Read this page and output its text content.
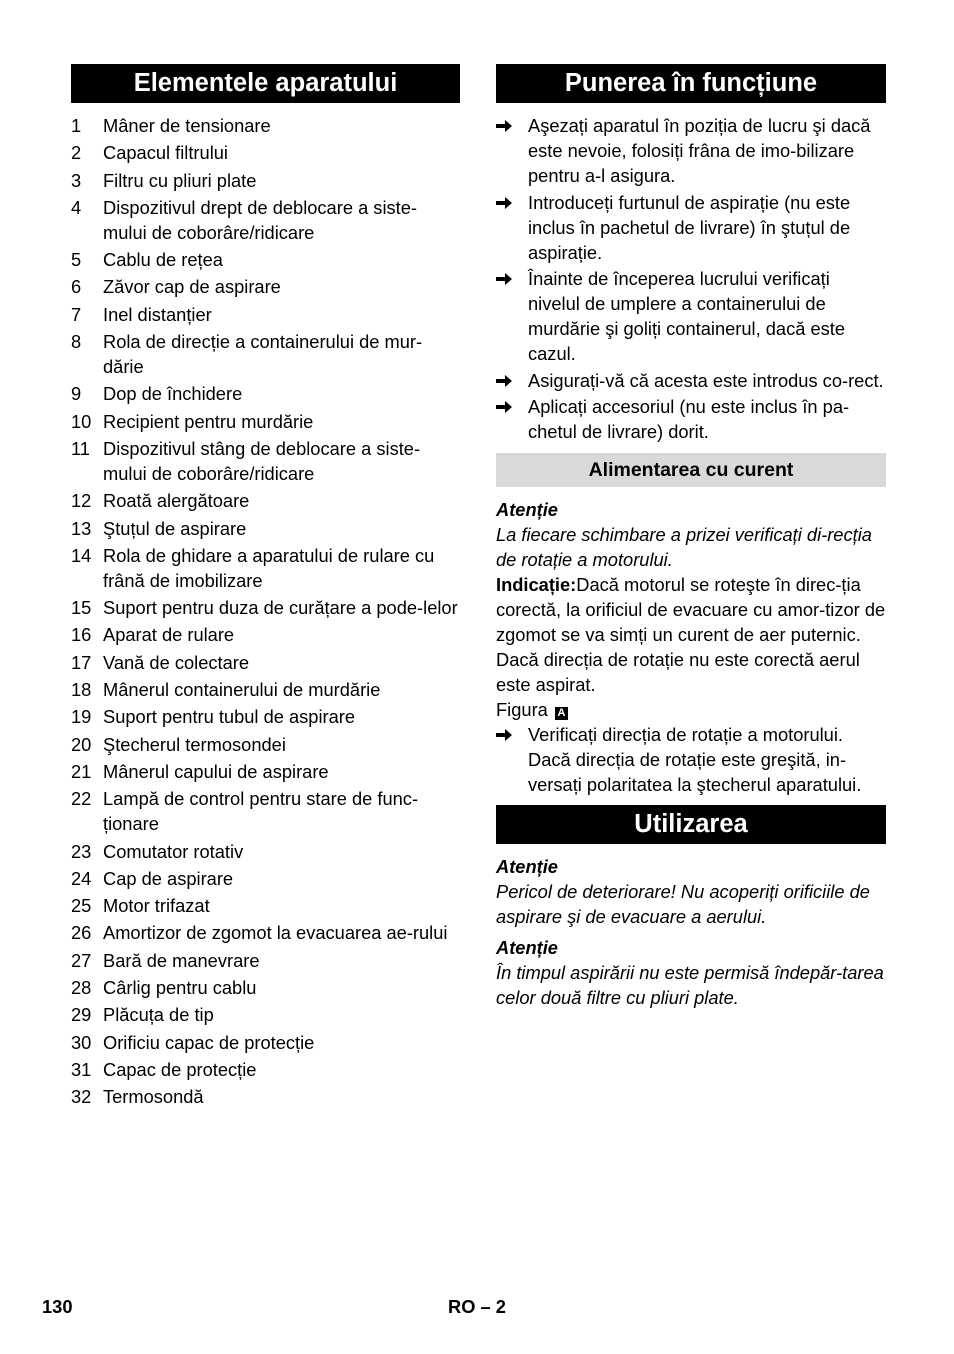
Elementele aparatului
1	Mâner de tensionare
2	Capacul filtrului
3	Filtru cu pliuri plate
4	Dispozitivul drept de deblocare a siste-mului de coborâre/ridicare
5	Cablu de rețea
6	Zăvor cap de aspirare
7	Inel distanțier
8	Rola de direcție a containerului de mur-dărie
9	Dop de închidere
10 Recipient pentru murdărie
11 Dispozitivul stâng de deblocare a siste-mului de coborâre/ridicare
12 Roată alergătoare
13 Ştuțul de aspirare
14 Rola de ghidare a aparatului de rulare cu frână de imobilizare
15 Suport pentru duza de curățare a pode-lelor
16 Aparat de rulare
17 Vană de colectare
18 Mânerul containerului de murdărie
19 Suport pentru tubul de aspirare
20 Ştecherul termosondei
21 Mânerul capului de aspirare
22 Lampă de control pentru stare de func-ționare
23 Comutator rotativ
24 Cap de aspirare
25 Motor trifazat
26 Amortizor de zgomot la evacuarea ae-rului
27 Bară de manevrare
28 Cârlig pentru cablu
29 Plăcuța de tip
30 Orificiu capac de protecție
31 Capac de protecție
32 Termosondă
Punerea în funcțiune
Aşezați aparatul în poziția de lucru şi dacă este nevoie, folosiți frâna de imo-bilizare pentru a-l asigura.
Introduceți furtunul de aspirație (nu este inclus în pachetul de livrare) în ştuțul de aspirație.
Înainte de începerea lucrului verificați nivelul de umplere a containerului de murdărie şi goliți containerul, dacă este cazul.
Asigurați-vă că acesta este introdus co-rect.
Aplicați accesoriul (nu este inclus în pa-chetul de livrare) dorit.
Alimentarea cu curent
Atenție
La fiecare schimbare a prizei verificați di-recția de rotație a motorului.
Indicație:Dacă motorul se roteşte în direc-ția corectă, la orificiul de evacuare cu amor-tizor de zgomot se va simți un curent de aer puternic. Dacă direcția de rotație nu este corectă aerul este aspirat.
Figura A
Verificați direcția de rotație a motorului. Dacă direcția de rotație este greşită, in-versați polaritatea la ştecherul aparatului.
Utilizarea
Atenție
Pericol de deteriorare! Nu acoperiți orificiile de aspirare şi de evacuare a aerului.
Atenție
În timpul aspirării nu este permisă îndepăr-tarea celor două filtre cu pliuri plate.
130	RO – 2
